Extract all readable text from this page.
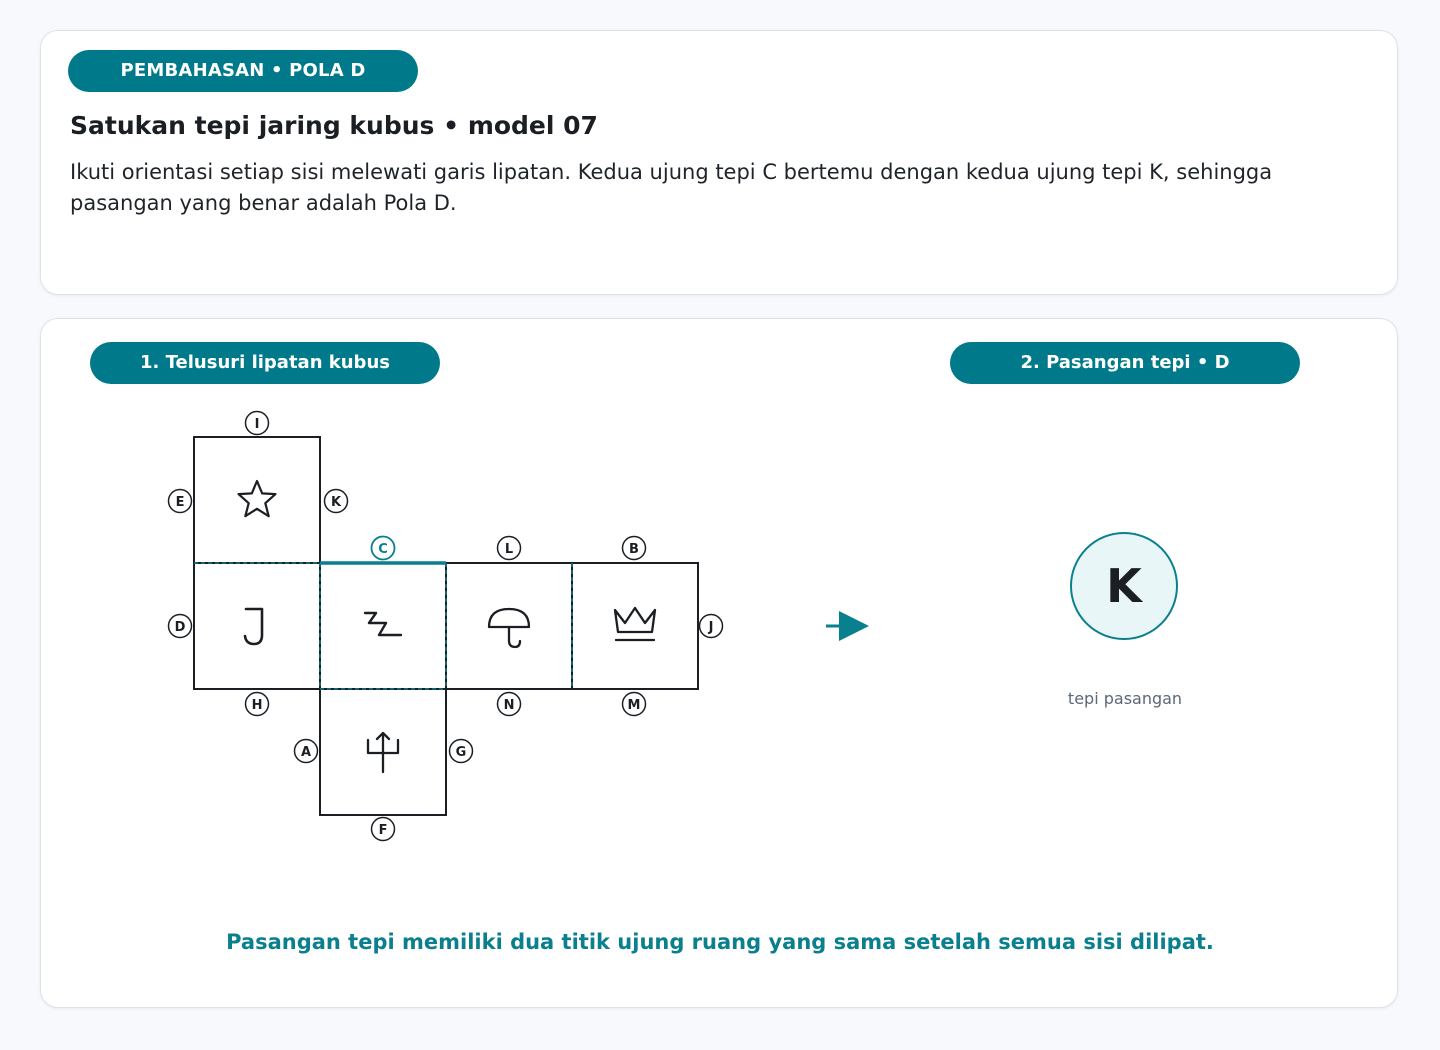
PEMBAHASAN • POLA D
Satukan tepi jaring kubus • model 07

Ikuti orientasi setiap sisi melewati garis lipatan. Kedua ujung tepi C bertemu dengan kedua ujung tepi K, sehingga pasangan yang benar adalah Pola D.

1. Telusuri lipatan kubus	2. Pasangan tepi • D
I
E	K
C	L	B
D	J
H	N	M
A	G
F
K
tepi pasangan
Pasangan tepi memiliki dua titik ujung ruang yang sama setelah semua sisi dilipat.
